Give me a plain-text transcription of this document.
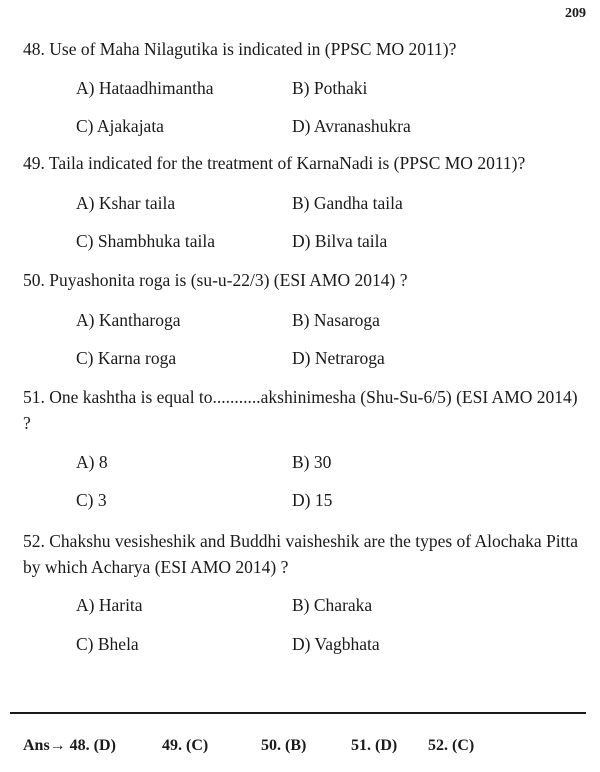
209
48. Use of Maha Nilagutika is indicated in (PPSC MO 2011)?
A) Hataadhimantha	B) Pothaki
C) Ajakajata	D) Avranashukra
49. Taila indicated for the treatment of KarnaNadi is (PPSC MO 2011)?
A) Kshar taila	B) Gandha taila
C) Shambhuka taila	D) Bilva taila
50. Puyashonita roga is (su-u-22/3) (ESI AMO 2014) ?
A) Kantharoga	B) Nasaroga
C) Karna roga	D) Netraroga
51. One kashtha is equal to...........akshinimesha (Shu-Su-6/5) (ESI AMO 2014) ?
A) 8	B) 30
C) 3	D) 15
52. Chakshu vesisheshik and Buddhi vaisheshik are the types of Alochaka Pitta by which Acharya (ESI AMO 2014) ?
A) Harita	B) Charaka
C) Bhela	D) Vagbhata
Ans→ 48. (D)	49. (C)	50. (B)	51. (D) 52. (C)
